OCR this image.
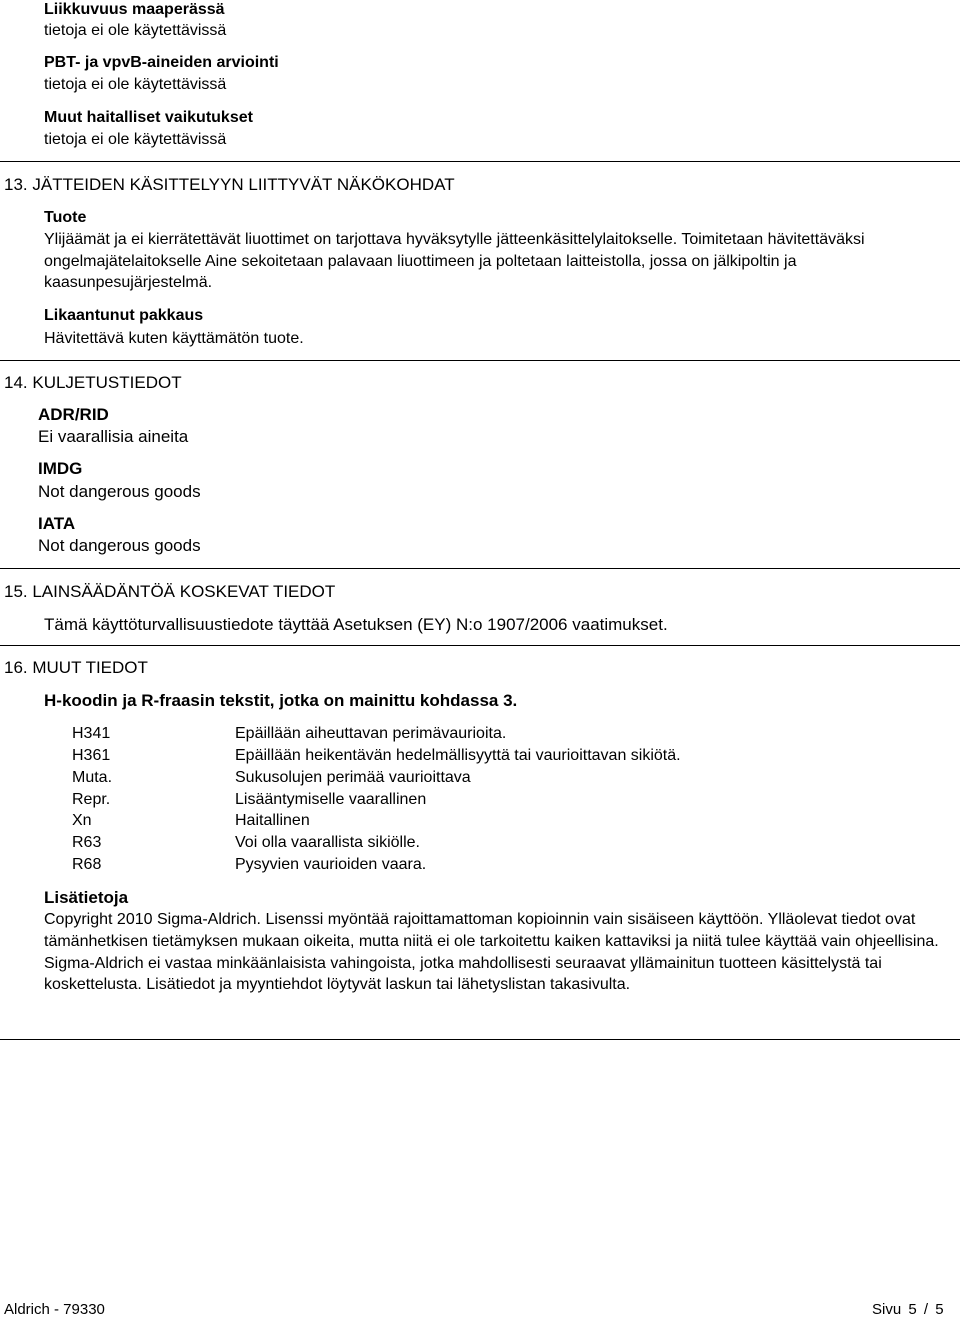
Liikkuvuus maaperässä
tietoja ei ole käytettävissä
PBT- ja vpvB-aineiden arviointi
tietoja ei ole käytettävissä
Muut haitalliset vaikutukset
tietoja ei ole käytettävissä
13. JÄTTEIDEN KÄSITTELYYN LIITTYVÄT NÄKÖKOHDAT
Tuote
Ylijäämät ja ei kierrätettävät liuottimet on tarjottava hyväksytylle jätteenkäsittelylaitokselle. Toimitetaan hävitettäväksi ongelmajätelaitokselle Aine sekoitetaan palavaan liuottimeen ja poltetaan laitteistolla, jossa on jälkipoltin ja kaasunpesujärjestelmä.
Likaantunut pakkaus
Hävitettävä kuten käyttämätön tuote.
14. KULJETUSTIEDOT
ADR/RID
Ei vaarallisia aineita
IMDG
Not dangerous goods
IATA
Not dangerous goods
15. LAINSÄÄDÄNTÖÄ KOSKEVAT TIEDOT
Tämä käyttöturvallisuustiedote täyttää Asetuksen (EY) N:o 1907/2006 vaatimukset.
16. MUUT TIEDOT
H-koodin ja R-fraasin tekstit, jotka on mainittu kohdassa 3.
H341	Epäillään aiheuttavan perimävaurioita.
H361	Epäillään heikentävän hedelmällisyyttä tai vaurioittavan sikiötä.
Muta.	Sukusolujen perimää vaurioittava
Repr.	Lisääntymiselle vaarallinen
Xn	Haitallinen
R63	Voi olla vaarallista sikiölle.
R68	Pysyvien vaurioiden vaara.
Lisätietoja
Copyright 2010 Sigma-Aldrich. Lisenssi myöntää rajoittamattoman kopioinnin vain sisäiseen käyttöön. Ylläolevat tiedot ovat tämänhetkisen tietämyksen mukaan oikeita, mutta niitä ei ole tarkoitettu kaiken kattaviksi ja niitä tulee käyttää vain ohjeellisina. Sigma-Aldrich ei vastaa minkäänlaisista vahingoista, jotka mahdollisesti seuraavat yllämainitun tuotteen käsittelystä tai koskettelusta. Lisätiedot ja myyntiehdot löytyvät laskun tai lähetyslistan takasivulta.
Aldrich - 79330	Sivu 5 / 5
